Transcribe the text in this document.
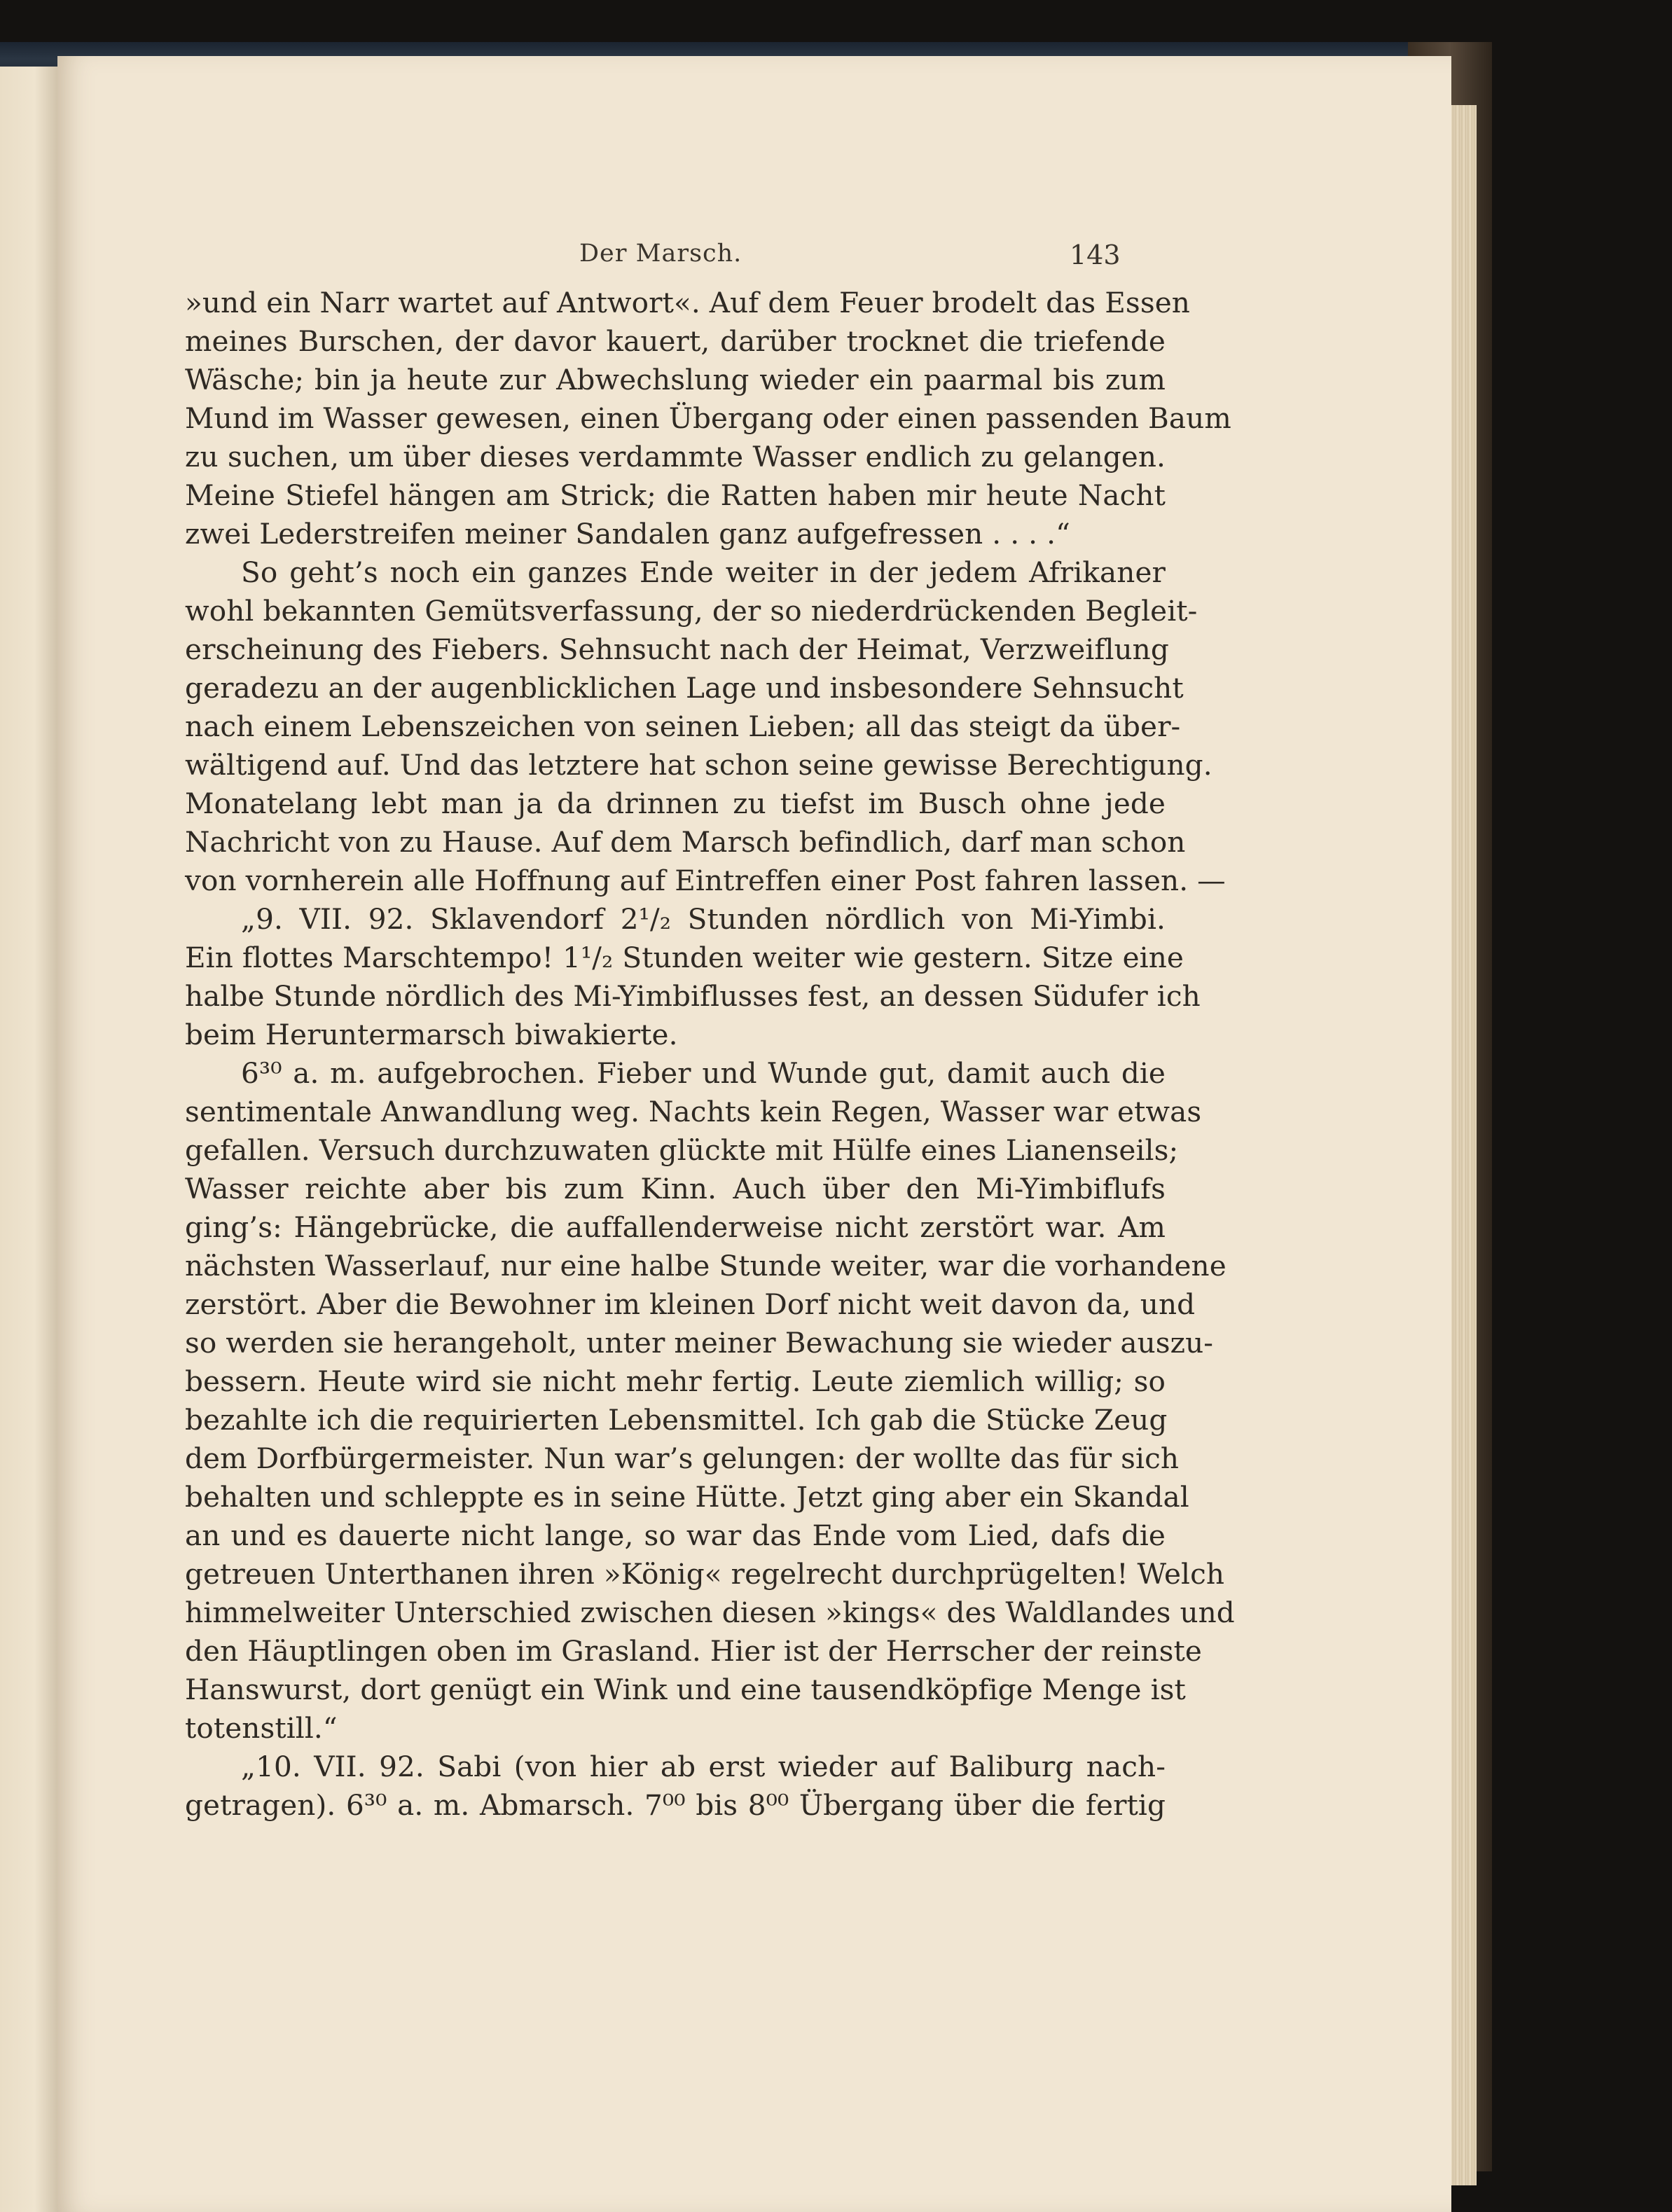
Der Marsch.	143
»und ein Narr wartet auf Antwort«. Auf dem Feuer brodelt das Essen
meines Burschen, der davor kauert, darüber trocknet die triefende
Wäsche; bin ja heute zur Abwechslung wieder ein paarmal bis zum
Mund im Wasser gewesen, einen Übergang oder einen passenden Baum
zu suchen, um über dieses verdammte Wasser endlich zu gelangen.
Meine Stiefel hängen am Strick; die Ratten haben mir heute Nacht
zwei Lederstreifen meiner Sandalen ganz aufgefressen . . . .“
So geht’s noch ein ganzes Ende weiter in der jedem Afrikaner
wohl bekannten Gemütsverfassung, der so niederdrückenden Begleit-
erscheinung des Fiebers. Sehnsucht nach der Heimat, Verzweiflung
geradezu an der augenblicklichen Lage und insbesondere Sehnsucht
nach einem Lebenszeichen von seinen Lieben; all das steigt da über-
wältigend auf. Und das letztere hat schon seine gewisse Berechtigung.
Monatelang lebt man ja da drinnen zu tiefst im Busch ohne jede
Nachricht von zu Hause. Auf dem Marsch befindlich, darf man schon
von vornherein alle Hoffnung auf Eintreffen einer Post fahren lassen. —
„9. VII. 92. Sklavendorf 2¹/₂ Stunden nördlich von Mi-Yimbi.
Ein flottes Marschtempo! 1¹/₂ Stunden weiter wie gestern. Sitze eine
halbe Stunde nördlich des Mi-Yimbiflusses fest, an dessen Südufer ich
beim Heruntermarsch biwakierte.
6³⁰ a. m. aufgebrochen. Fieber und Wunde gut, damit auch die
sentimentale Anwandlung weg. Nachts kein Regen, Wasser war etwas
gefallen. Versuch durchzuwaten glückte mit Hülfe eines Lianenseils;
Wasser reichte aber bis zum Kinn. Auch über den Mi-Yimbiflufs
ging’s: Hängebrücke, die auffallenderweise nicht zerstört war. Am
nächsten Wasserlauf, nur eine halbe Stunde weiter, war die vorhandene
zerstört. Aber die Bewohner im kleinen Dorf nicht weit davon da, und
so werden sie herangeholt, unter meiner Bewachung sie wieder auszu-
bessern. Heute wird sie nicht mehr fertig. Leute ziemlich willig; so
bezahlte ich die requirierten Lebensmittel. Ich gab die Stücke Zeug
dem Dorfbürgermeister. Nun war’s gelungen: der wollte das für sich
behalten und schleppte es in seine Hütte. Jetzt ging aber ein Skandal
an und es dauerte nicht lange, so war das Ende vom Lied, dafs die
getreuen Unterthanen ihren »König« regelrecht durchprügelten! Welch
himmelweiter Unterschied zwischen diesen »kings« des Waldlandes und
den Häuptlingen oben im Grasland. Hier ist der Herrscher der reinste
Hanswurst, dort genügt ein Wink und eine tausendköpfige Menge ist
totenstill.“
„10. VII. 92. Sabi (von hier ab erst wieder auf Baliburg nach-
getragen). 6³⁰ a. m. Abmarsch. 7⁰⁰ bis 8⁰⁰ Übergang über die fertig
